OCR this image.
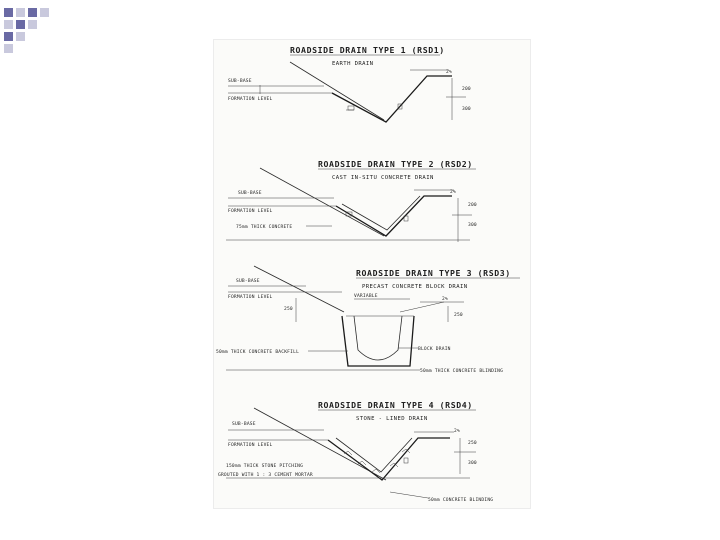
ROADSIDE DRAIN TYPE 1 (RSD1)
EARTH DRAIN
SUB-BASE
FORMATION LEVEL
2%
200
300
ROADSIDE DRAIN TYPE 2 (RSD2)
CAST IN-SITU CONCRETE DRAIN
SUB-BASE
FORMATION LEVEL
75mm THICK CONCRETE
2%
200
300
ROADSIDE DRAIN TYPE 3 (RSD3)
PRECAST CONCRETE BLOCK DRAIN
VARIABLE
SUB-BASE
FORMATION LEVEL
250
2%
250
50mm THICK CONCRETE BACKFILL
BLOCK DRAIN
50mm THICK CONCRETE BLINDING
ROADSIDE DRAIN TYPE 4 (RSD4)
STONE - LINED DRAIN
SUB-BASE
FORMATION LEVEL
150mm THICK STONE PITCHING
GROUTED WITH 1 : 3 CEMENT MORTAR
2%
250
300
50mm CONCRETE BLINDING
